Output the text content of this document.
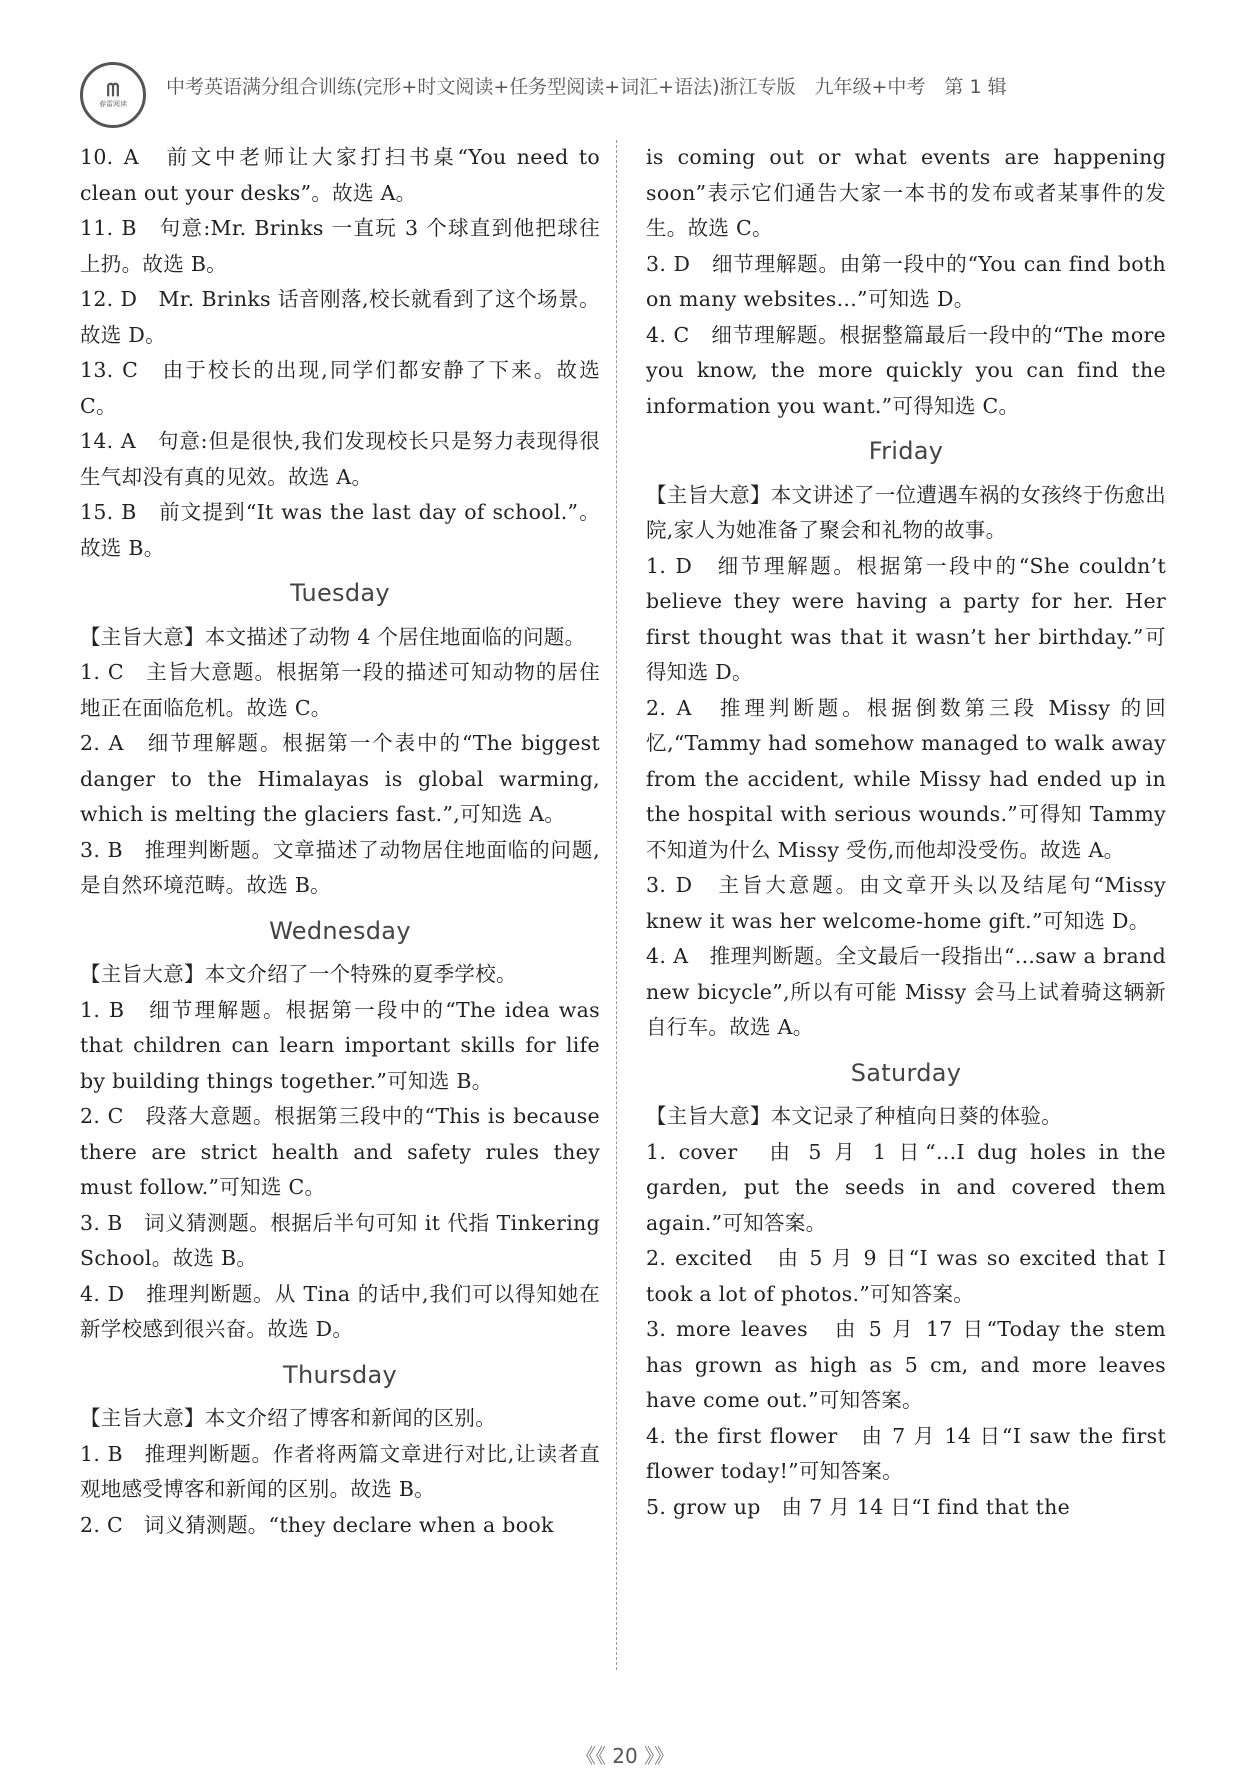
ᗰ
春雷阅读
中考英语满分组合训练(完形+时文阅读+任务型阅读+词汇+语法)浙江专版　九年级+中考　第 1 辑

10. A　前文中老师让大家打扫书桌“You need to clean out your desks”。故选 A。

11. B　句意:Mr. Brinks 一直玩 3 个球直到他把球往上扔。故选 B。

12. D　Mr. Brinks 话音刚落,校长就看到了这个场景。故选 D。

13. C　由于校长的出现,同学们都安静了下来。故选 C。

14. A　句意:但是很快,我们发现校长只是努力表现得很生气却没有真的见效。故选 A。

15. B　前文提到“It was the last day of school.”。故选 B。

Tuesday

【主旨大意】本文描述了动物 4 个居住地面临的问题。

1. C　主旨大意题。根据第一段的描述可知动物的居住地正在面临危机。故选 C。

2. A　细节理解题。根据第一个表中的“The biggest danger to the Himalayas is global warming, which is melting the glaciers fast.”,可知选 A。

3. B　推理判断题。文章描述了动物居住地面临的问题,是自然环境范畴。故选 B。

Wednesday

【主旨大意】本文介绍了一个特殊的夏季学校。

1. B　细节理解题。根据第一段中的“The idea was that children can learn important skills for life by building things together.”可知选 B。

2. C　段落大意题。根据第三段中的“This is because there are strict health and safety rules they must follow.”可知选 C。

3. B　词义猜测题。根据后半句可知 it 代指 Tinkering School。故选 B。

4. D　推理判断题。从 Tina 的话中,我们可以得知她在新学校感到很兴奋。故选 D。

Thursday

【主旨大意】本文介绍了博客和新闻的区别。

1. B　推理判断题。作者将两篇文章进行对比,让读者直观地感受博客和新闻的区别。故选 B。

2. C　词义猜测题。“they declare when a book

is coming out or what events are happening soon”表示它们通告大家一本书的发布或者某事件的发生。故选 C。

3. D　细节理解题。由第一段中的“You can find both on many websites...”可知选 D。

4. C　细节理解题。根据整篇最后一段中的“The more you know, the more quickly you can find the information you want.”可得知选 C。

Friday

【主旨大意】本文讲述了一位遭遇车祸的女孩终于伤愈出院,家人为她准备了聚会和礼物的故事。

1. D　细节理解题。根据第一段中的“She couldn’t believe they were having a party for her. Her first thought was that it wasn’t her birthday.”可得知选 D。

2. A　推理判断题。根据倒数第三段 Missy 的回忆,“Tammy had somehow managed to walk away from the accident, while Missy had ended up in the hospital with serious wounds.”可得知 Tammy 不知道为什么 Missy 受伤,而他却没受伤。故选 A。

3. D　主旨大意题。由文章开头以及结尾句“Missy knew it was her welcome-home gift.”可知选 D。

4. A　推理判断题。全文最后一段指出“...saw a brand new bicycle”,所以有可能 Missy 会马上试着骑这辆新自行车。故选 A。

Saturday

【主旨大意】本文记录了种植向日葵的体验。

1. cover　由 5 月 1 日“...I dug holes in the garden, put the seeds in and covered them again.”可知答案。

2. excited　由 5 月 9 日“I was so excited that I took a lot of photos.”可知答案。

3. more leaves　由 5 月 17 日“Today the stem has grown as high as 5 cm, and more leaves have come out.”可知答案。

4. the first flower　由 7 月 14 日“I saw the first flower today!”可知答案。

5. grow up　由 7 月 14 日“I find that the

《《 20 》》
